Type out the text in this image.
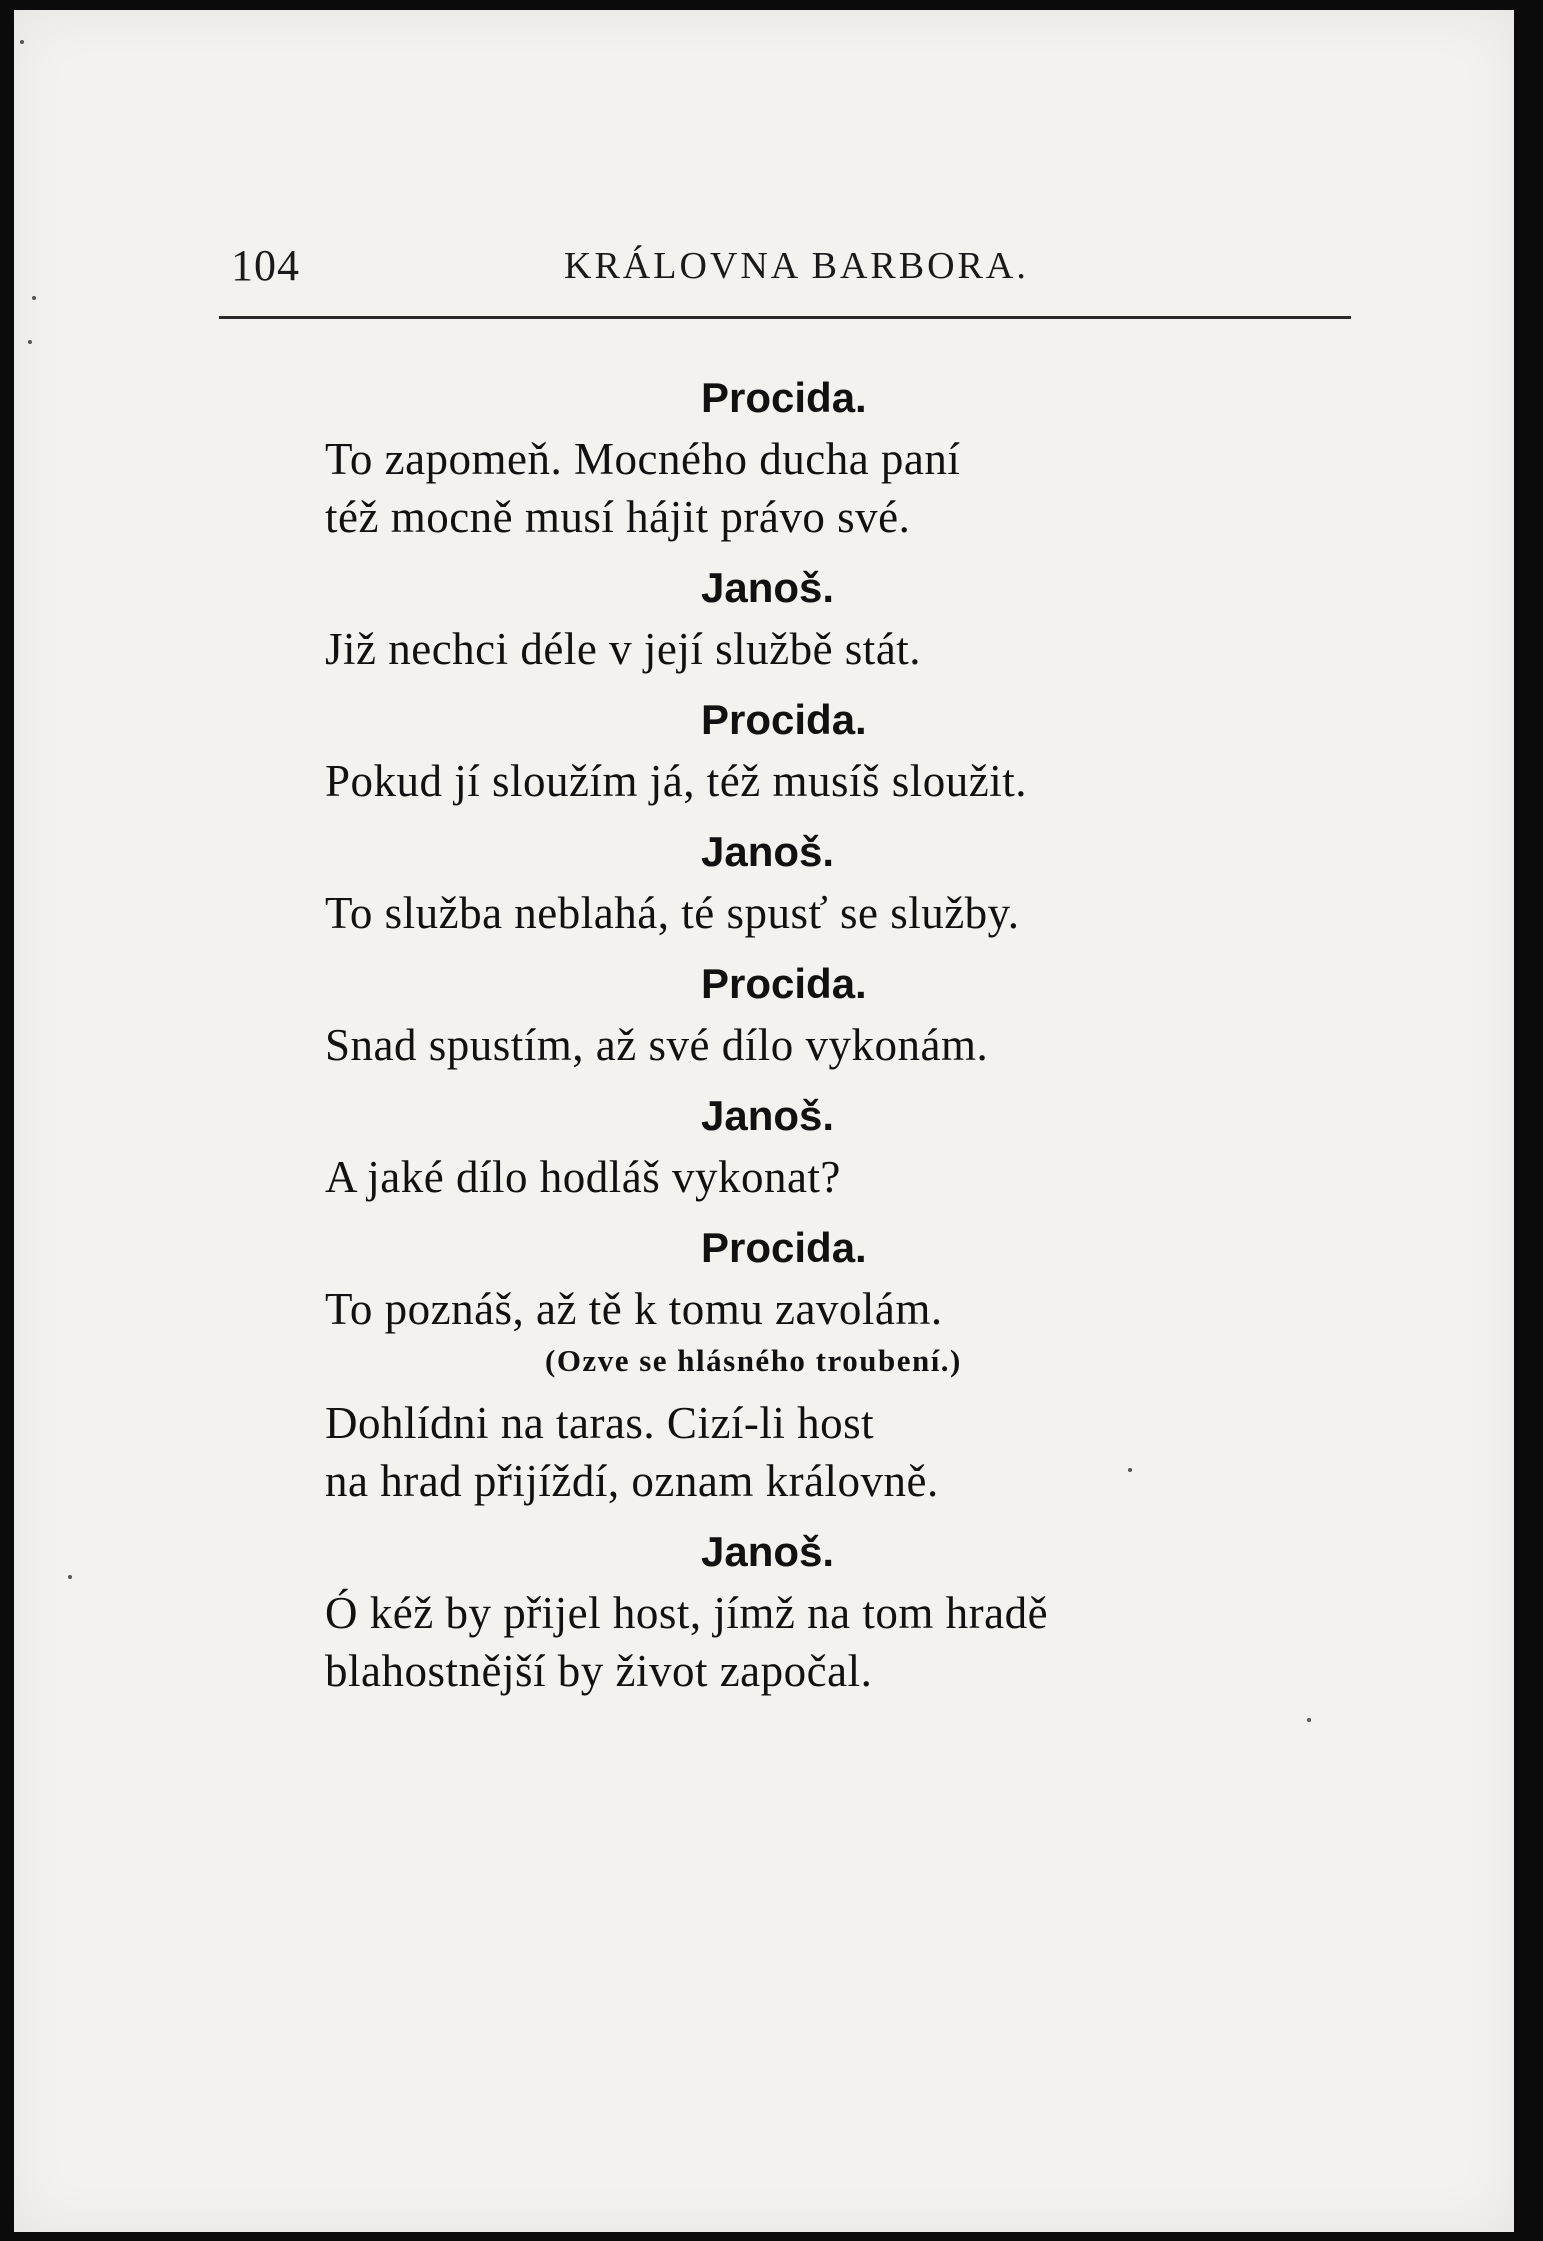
104	KRÁLOVNA BARBORA.
Procida.
To zapomeň. Mocného ducha paní
též mocně musí hájit právo své.
Janoš.
Již nechci déle v její službě stát.
Procida.
Pokud jí sloužím já, též musíš sloužit.
Janoš.
To služba neblahá, té spusť se služby.
Procida.
Snad spustím, až své dílo vykonám.
Janoš.
A jaké dílo hodláš vykonat?
Procida.
To poznáš, až tě k tomu zavolám.
(Ozve se hlásného troubení.)
Dohlídni na taras. Cizí-li host
na hrad přijíždí, oznam královně.
Janoš.
Ó kéž by přijel host, jímž na tom hradě
blahostnější by život započal.
